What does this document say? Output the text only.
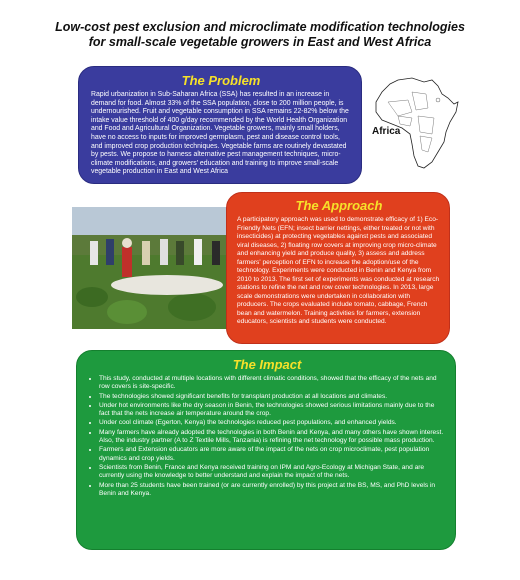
Low-cost pest exclusion and microclimate modification technologies
for small-scale vegetable growers in East and West Africa
The Problem

Rapid urbanization in Sub-Saharan Africa (SSA) has resulted in an increase in demand for food. Almost 33% of the SSA population, close to 200 million people, is undernourished. Fruit and vegetable consumption in SSA remains 22-82% below the intake value threshold of 400 g/day recommended by the World Health Organization and Food and Agricultural Organization. Vegetable growers, mainly small holders, have no access to inputs for improved germplasm, pest and disease control tools, and improved crop production techniques. Vegetable farms are routinely devastated by pests. We propose to harness alternative pest management techniques, micro-climate modifications, and growers' education and training to improve small-scale vegetable production in East and West Africa

Africa
The Approach

A participatory approach was used to demonstrate efficacy of 1) Eco-Friendly Nets (EFN; insect barrier nettings, either treated or not with insecticides) at protecting vegetables against pests and associated viral diseases, 2) floating row covers at improving crop micro-climate and enhancing yield and produce quality, 3) assess and address farmers' perception of EFN to increase the adoption/use of the technology. Experiments were conducted in Benin and Kenya from 2010 to 2013. The first set of experiments was conducted at research stations to refine the net and row cover technologies. In 2013, large scale demonstrations were undertaken in collaboration with producers. The crops evaluated include tomato, cabbage, French bean and watermelon. Training activities for farmers, extension educators, scientists and students were conducted.

The Impact
• This study, conducted at multiple locations with different climatic conditions, showed that the efficacy of the nets and row covers is site-specific.
• The technologies showed significant benefits for transplant production at all locations and climates.
• Under hot environments like the dry season in Benin, the technologies showed serious limitations mainly due to the fact that the nets increase air temperature around the crop.
• Under cool climate (Egerton, Kenya) the technologies reduced pest populations, and enhanced yields.
• Many farmers have already adopted the technologies in both Benin and Kenya, and many others have shown interest. Also, the industry partner (A to Z Textile Mills, Tanzania) is refining the net technology for possible mass production.
• Farmers and Extension educators are more aware of the impact of the nets on crop microclimate, pest population dynamics and crop yields.
• Scientists from Benin, France and Kenya received training on IPM and Agro-Ecology at Michigan State, and are currently using the knowledge to better understand and explain the impact of the nets.
• More than 25 students have been trained (or are currently enrolled) by this project at the BS, MS, and PhD levels in Benin and Kenya.
